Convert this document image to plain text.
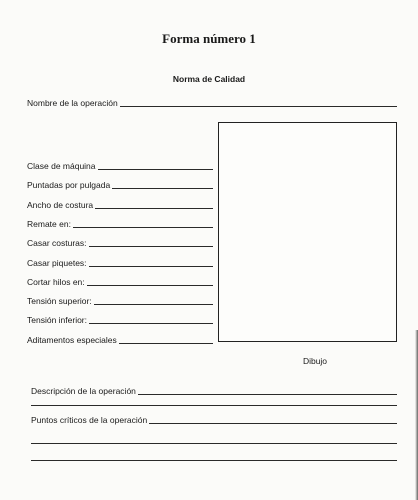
Forma número 1
Norma de Calidad
Nombre de la operación
Clase de máquina
Puntadas por pulgada
Ancho de costura
Remate en:
Casar costuras:
Casar piquetes:
Cortar hilos en:
Tensión superior:
Tensión inferior:
Aditamentos especiales
Dibujo
Descripción de la operación
Puntos críticos de la operación
